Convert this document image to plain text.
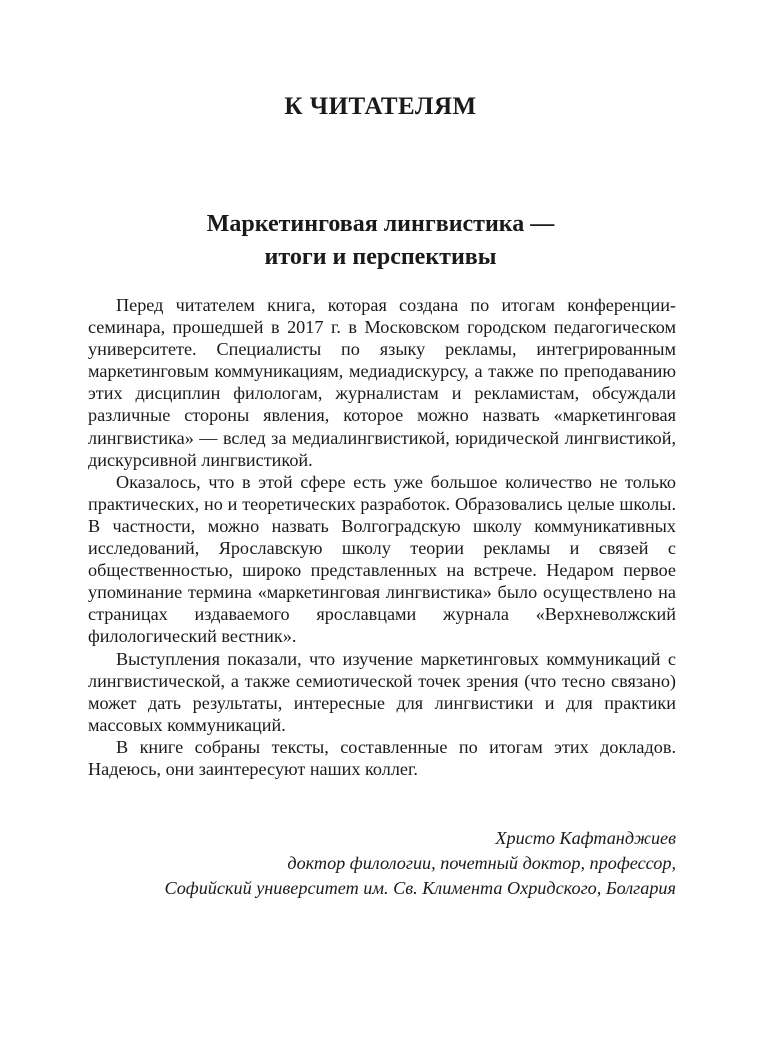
К ЧИТАТЕЛЯМ
Маркетинговая лингвистика —
итоги и перспективы

Перед читателем книга, которая создана по итогам конференции-семинара, прошедшей в 2017 г. в Московском городском педагогическом университете. Специалисты по языку рекламы, интегрированным маркетинговым коммуникациям, медиадискурсу, а также по преподаванию этих дисциплин филологам, журналистам и рекламистам, обсуждали различные стороны явления, которое можно назвать «маркетинговая лингвистика» — вслед за медиалингвистикой, юридической лингвистикой, дискурсивной лингвистикой.

Оказалось, что в этой сфере есть уже большое количество не только практических, но и теоретических разработок. Образовались целые школы. В частности, можно назвать Волгоградскую школу коммуникативных исследований, Ярославскую школу теории рекламы и связей с общественностью, широко представленных на встрече. Недаром первое упоминание термина «маркетинговая лингвистика» было осуществлено на страницах издаваемого ярославцами журнала «Верхневолжский филологический вестник».

Выступления показали, что изучение маркетинговых коммуникаций с лингвистической, а также семиотической точек зрения (что тесно связано) может дать результаты, интересные для лингвистики и для практики массовых коммуникаций.

В книге собраны тексты, составленные по итогам этих докладов. Надеюсь, они заинтересуют наших коллег.

Христо Кафтанджиев
доктор филологии, почетный доктор, профессор,
Софийский университет им. Св. Климента Охридского, Болгария
